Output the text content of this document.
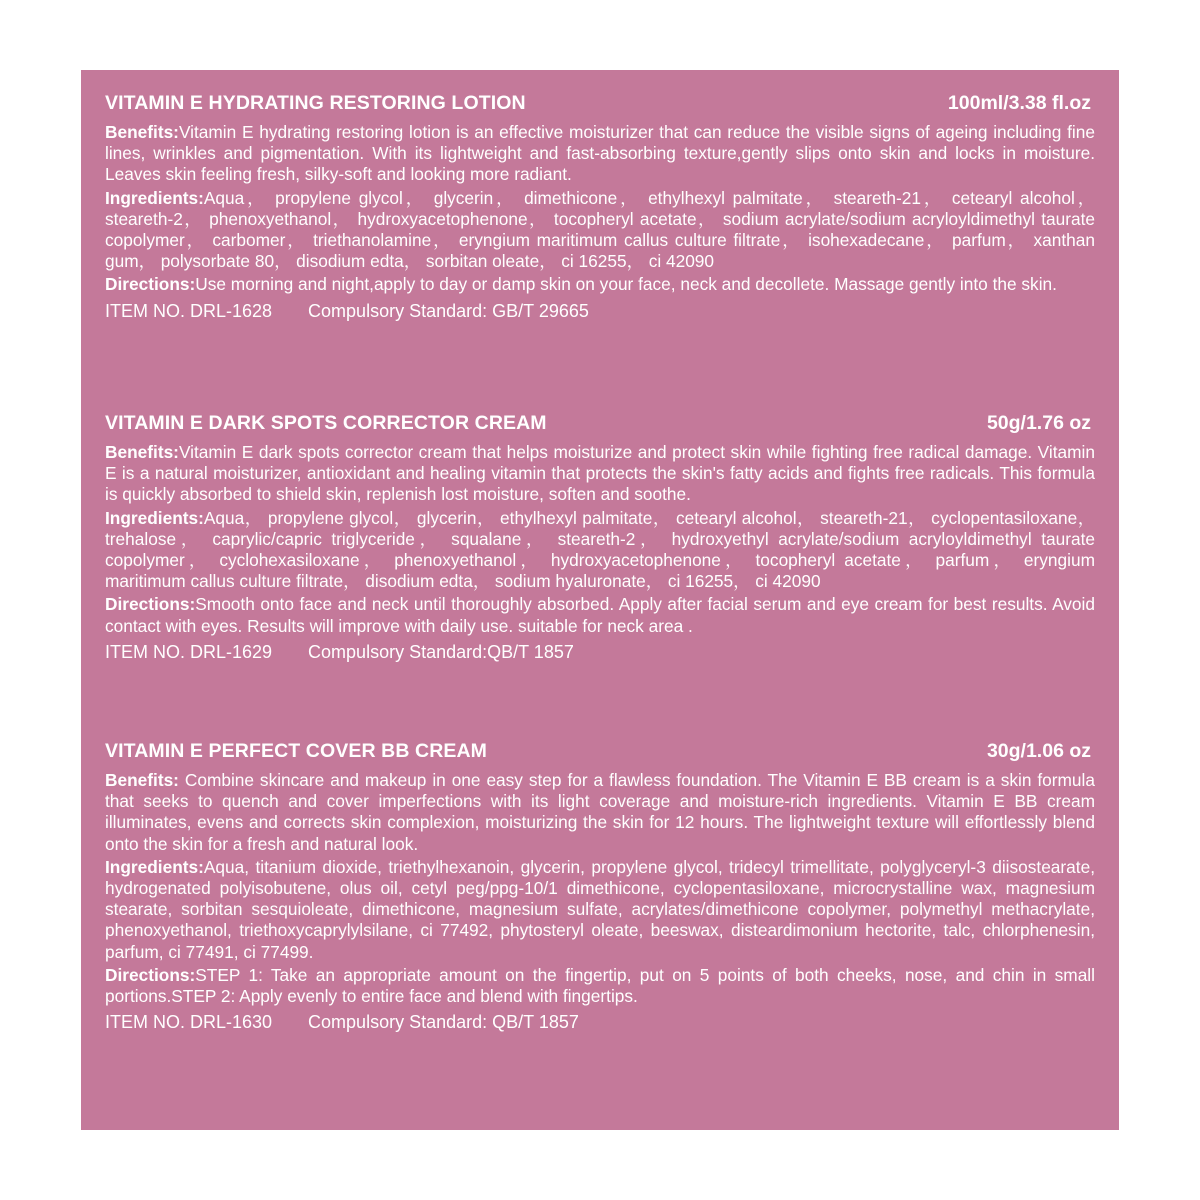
VITAMIN E HYDRATING RESTORING LOTION	100ml/3.38 fl.oz

Benefits:Vitamin E hydrating restoring lotion is an effective moisturizer that can reduce the visible signs of ageing including fine lines, wrinkles and pigmentation. With its lightweight and fast-absorbing texture,gently slips onto skin and locks in moisture. Leaves skin feeling fresh, silky-soft and looking more radiant.

Ingredients:Aqua， propylene glycol， glycerin， dimethicone， ethylhexyl palmitate， steareth-21， cetearyl alcohol， steareth-2， phenoxyethanol， hydroxyacetophenone， tocopheryl acetate， sodium acrylate/sodium acryloyldimethyl taurate copolymer， carbomer， triethanolamine， eryngium maritimum callus culture filtrate， isohexadecane， parfum， xanthan gum， polysorbate 80， disodium edta， sorbitan oleate， ci 16255， ci 42090

Directions:Use morning and night,apply to day or damp skin on your face, neck and decollete. Massage gently into the skin.

ITEM NO. DRL-1628 Compulsory Standard: GB/T 29665
VITAMIN E DARK SPOTS CORRECTOR CREAM	50g/1.76 oz

Benefits:Vitamin E dark spots corrector cream that helps moisturize and protect skin while fighting free radical damage. Vitamin E is a natural moisturizer, antioxidant and healing vitamin that protects the skin's fatty acids and fights free radicals. This formula is quickly absorbed to shield skin, replenish lost moisture, soften and soothe.

Ingredients:Aqua， propylene glycol， glycerin， ethylhexyl palmitate， cetearyl alcohol， steareth-21， cyclopentasiloxane， trehalose， caprylic/capric triglyceride， squalane， steareth-2， hydroxyethyl acrylate/sodium acryloyldimethyl taurate copolymer， cyclohexasiloxane， phenoxyethanol， hydroxyacetophenone， tocopheryl acetate， parfum， eryngium maritimum callus culture filtrate， disodium edta， sodium hyaluronate， ci 16255， ci 42090

Directions:Smooth onto face and neck until thoroughly absorbed. Apply after facial serum and eye cream for best results. Avoid contact with eyes. Results will improve with daily use. suitable for neck area .

ITEM NO. DRL-1629 Compulsory Standard:QB/T 1857
VITAMIN E PERFECT COVER BB CREAM	30g/1.06 oz

Benefits: Combine skincare and makeup in one easy step for a flawless foundation. The Vitamin E BB cream is a skin formula that seeks to quench and cover imperfections with its light coverage and moisture-rich ingredients. Vitamin E BB cream illuminates, evens and corrects skin complexion, moisturizing the skin for 12 hours. The lightweight texture will effortlessly blend onto the skin for a fresh and natural look.

Ingredients:Aqua, titanium dioxide, triethylhexanoin, glycerin, propylene glycol, tridecyl trimellitate, polyglyceryl-3 diisostearate, hydrogenated polyisobutene, olus oil, cetyl peg/ppg-10/1 dimethicone, cyclopentasiloxane, microcrystalline wax, magnesium stearate, sorbitan sesquioleate, dimethicone, magnesium sulfate, acrylates/dimethicone copolymer, polymethyl methacrylate, phenoxyethanol, triethoxycaprylylsilane, ci 77492, phytosteryl oleate, beeswax, disteardimonium hectorite, talc, chlorphenesin, parfum, ci 77491, ci 77499.

Directions:STEP 1: Take an appropriate amount on the fingertip, put on 5 points of both cheeks, nose, and chin in small portions.STEP 2: Apply evenly to entire face and blend with fingertips.

ITEM NO. DRL-1630 Compulsory Standard: QB/T 1857
